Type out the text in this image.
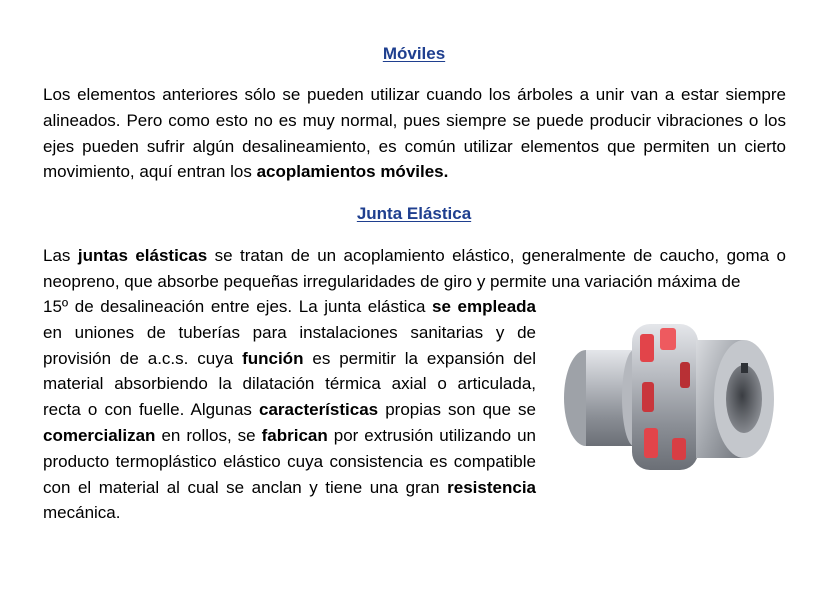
Móviles

Los elementos anteriores sólo se pueden utilizar cuando los árboles a unir van a estar siempre alineados. Pero como esto no es muy normal, pues siempre se puede producir vibraciones o los ejes pueden sufrir algún desalineamiento, es común utilizar elementos que permiten un cierto movimiento, aquí entran los acoplamientos móviles.

Junta Elástica

Las juntas elásticas se tratan de un acoplamiento elástico, generalmente de caucho, goma o neopreno, que absorbe pequeñas irregularidades de giro y permite una variación máxima de

15º de desalineación entre ejes. La junta elástica se empleada en uniones de tuberías para instalaciones sanitarias y de provisión de a.c.s. cuya función es permitir la expansión del material absorbiendo la dilatación térmica axial o articulada, recta o con fuelle. Algunas características propias son que se comercializan en rollos, se fabrican por extrusión utilizando un producto termoplástico elástico cuya consistencia es compatible con el material al cual se anclan y tiene una gran resistencia mecánica.
